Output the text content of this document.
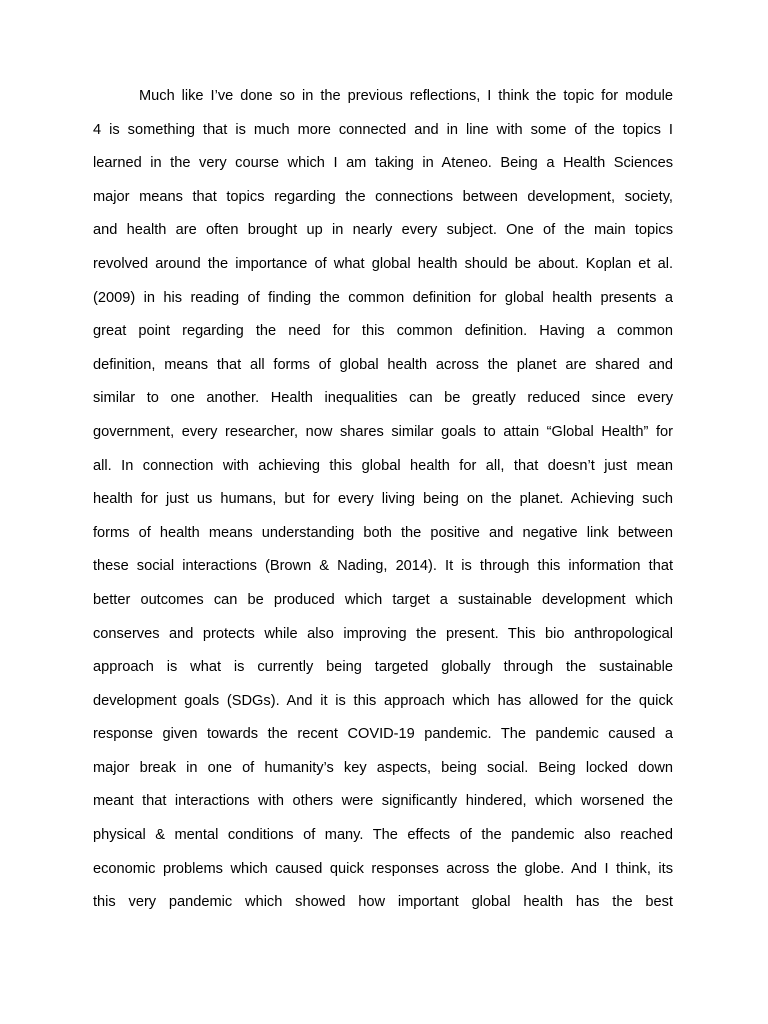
Much like I’ve done so in the previous reflections, I think the topic for module
4 is something that is much more connected and in line with some of the topics I
learned in the very course which I am taking in Ateneo. Being a Health Sciences
major means that topics regarding the connections between development, society,
and health are often brought up in nearly every subject. One of the main topics
revolved around the importance of what global health should be about. Koplan et al.
(2009) in his reading of finding the common definition for global health presents a
great point regarding the need for this common definition. Having a common
definition, means that all forms of global health across the planet are shared and
similar to one another. Health inequalities can be greatly reduced since every
government, every researcher, now shares similar goals to attain “Global Health” for
all. In connection with achieving this global health for all, that doesn’t just mean
health for just us humans, but for every living being on the planet. Achieving such
forms of health means understanding both the positive and negative link between
these social interactions (Brown & Nading, 2014). It is through this information that
better outcomes can be produced which target a sustainable development which
conserves and protects while also improving the present. This bio anthropological
approach is what is currently being targeted globally through the sustainable
development goals (SDGs). And it is this approach which has allowed for the quick
response given towards the recent COVID-19 pandemic. The pandemic caused a
major break in one of humanity’s key aspects, being social. Being locked down
meant that interactions with others were significantly hindered, which worsened the
physical & mental conditions of many. The effects of the pandemic also reached
economic problems which caused quick responses across the globe. And I think, its
this very pandemic which showed how important global health has the best
